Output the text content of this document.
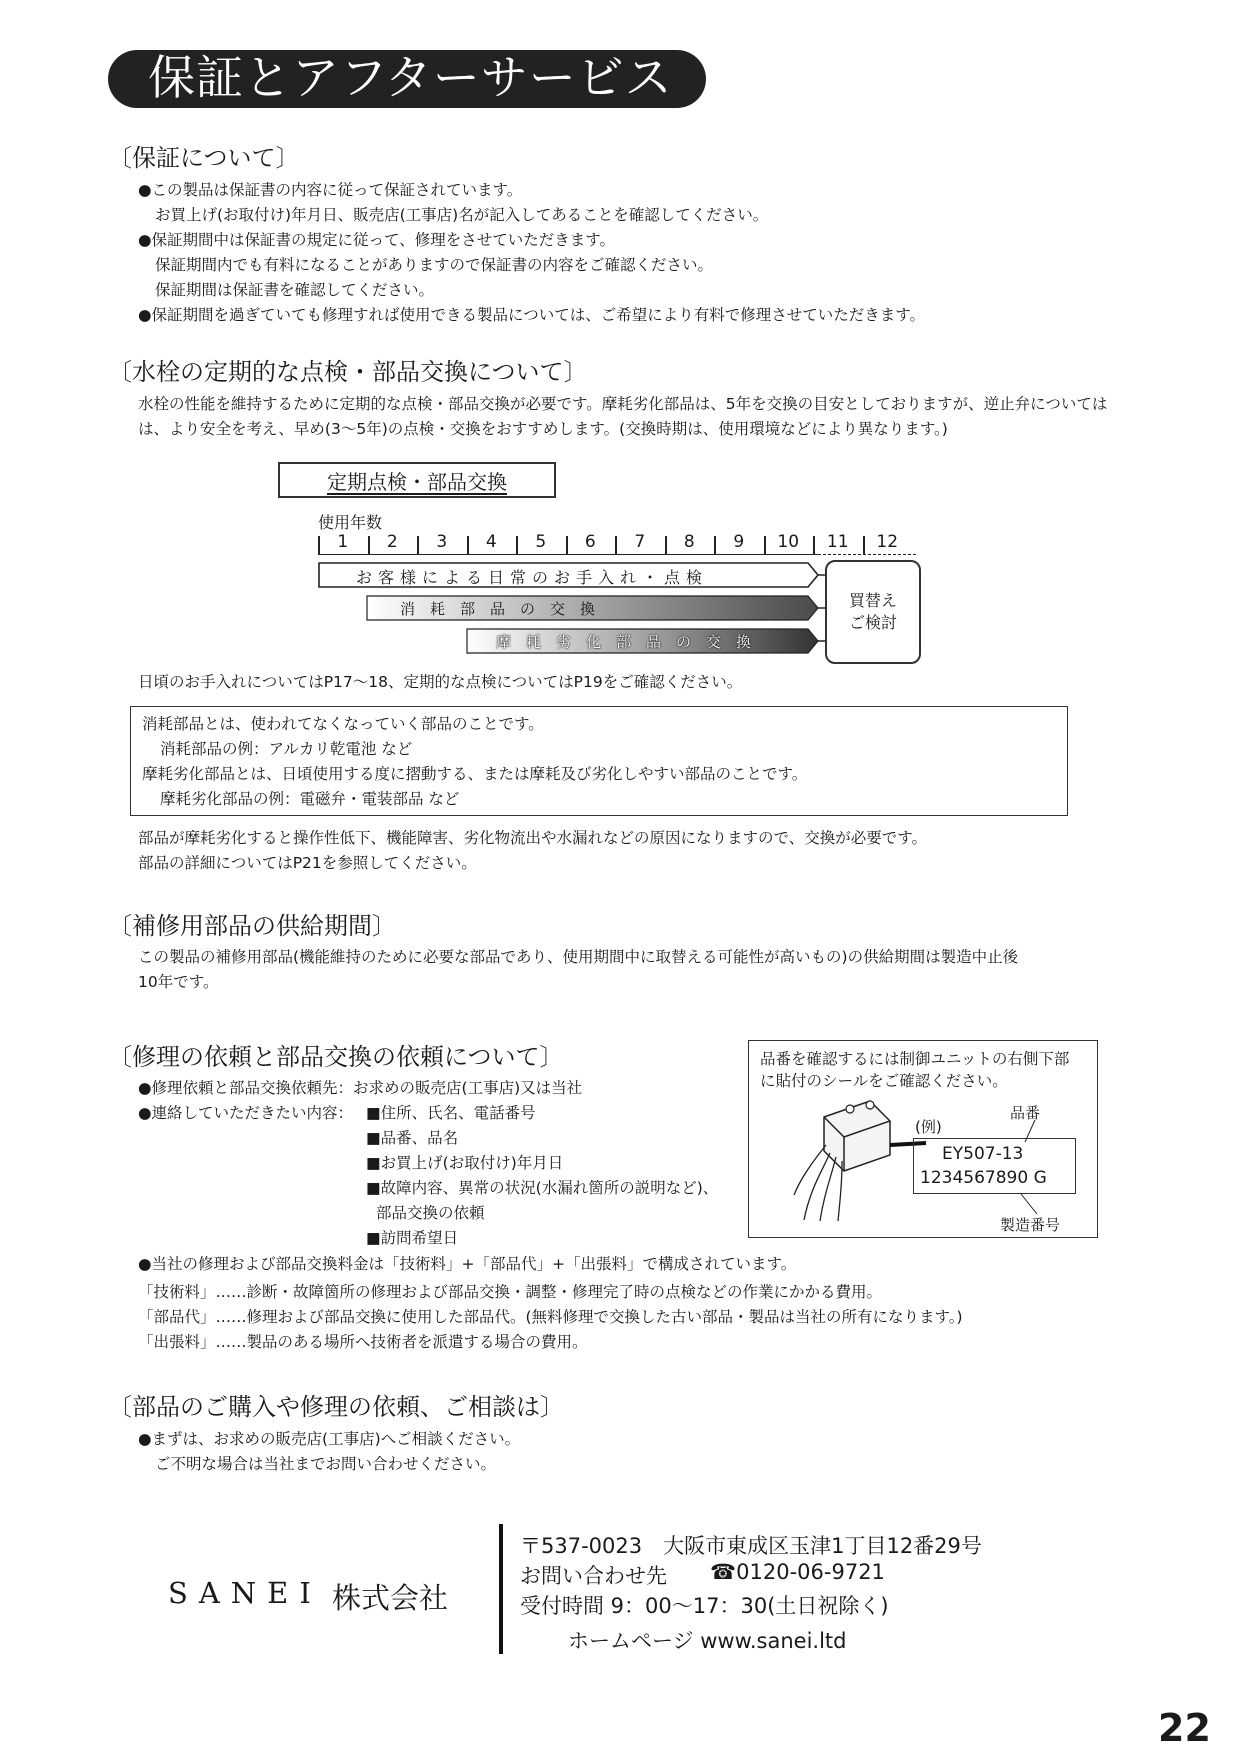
保証とアフターサービス
〔保証について〕
●この製品は保証書の内容に従って保証されています。
お買上げ(お取付け)年月日、販売店(工事店)名が記入してあることを確認してください。
●保証期間中は保証書の規定に従って、修理をさせていただきます。
保証期間内でも有料になることがありますので保証書の内容をご確認ください。
保証期間は保証書を確認してください。
●保証期間を過ぎていても修理すれば使用できる製品については、ご希望により有料で修理させていただきます。
〔水栓の定期的な点検・部品交換について〕
水栓の性能を維持するために定期的な点検・部品交換が必要です。摩耗劣化部品は、5年を交換の目安としておりますが、逆止弁については
は、より安全を考え、早め(3～5年)の点検・交換をおすすめします。(交換時期は、使用環境などにより異なります。)
定期点検・部品交換
使用年数
1	2	3	4	5	6	7	8	9	10	11	12
お客様による日常のお手入れ・点検
消　耗　部　品　の　交　換
摩　耗　劣　化　部　品　の　交　換
買替え
ご検討
日頃のお手入れについてはP17～18、定期的な点検についてはP19をご確認ください。
消耗部品とは、使われてなくなっていく部品のことです。
消耗部品の例：アルカリ乾電池 など
摩耗劣化部品とは、日頃使用する度に摺動する、または摩耗及び劣化しやすい部品のことです。
摩耗劣化部品の例：電磁弁・電装部品 など
部品が摩耗劣化すると操作性低下、機能障害、劣化物流出や水漏れなどの原因になりますので、交換が必要です。
部品の詳細についてはP21を参照してください。
〔補修用部品の供給期間〕
この製品の補修用部品(機能維持のために必要な部品であり、使用期間中に取替える可能性が高いもの)の供給期間は製造中止後
10年です。
〔修理の依頼と部品交換の依頼について〕
●修理依頼と部品交換依頼先：お求めの販売店(工事店)又は当社
●連絡していただきたい内容： ■住所、氏名、電話番号
■品番、品名
■お買上げ(お取付け)年月日
■故障内容、異常の状況(水漏れ箇所の説明など)、
部品交換の依頼
■訪問希望日
品番を確認するには制御ユニットの右側下部
に貼付のシールをご確認ください。
(例)
品番
EY507-13
1234567890 G
製造番号
●当社の修理および部品交換料金は「技術料」+「部品代」+「出張料」で構成されています。
「技術料」……診断・故障箇所の修理および部品交換・調整・修理完了時の点検などの作業にかかる費用。
「部品代」……修理および部品交換に使用した部品代。(無料修理で交換した古い部品・製品は当社の所有になります。)
「出張料」……製品のある場所へ技術者を派遣する場合の費用。
〔部品のご購入や修理の依頼、ご相談は〕
●まずは、お求めの販売店(工事店)へご相談ください。
ご不明な場合は当社までお問い合わせください。
SANEI 株式会社
〒537-0023　大阪市東成区玉津1丁目12番29号
お問い合わせ先 ☎0120-06-9721
受付時間 9：00～17：30(土日祝除く)
ホームページ www.sanei.ltd
22
